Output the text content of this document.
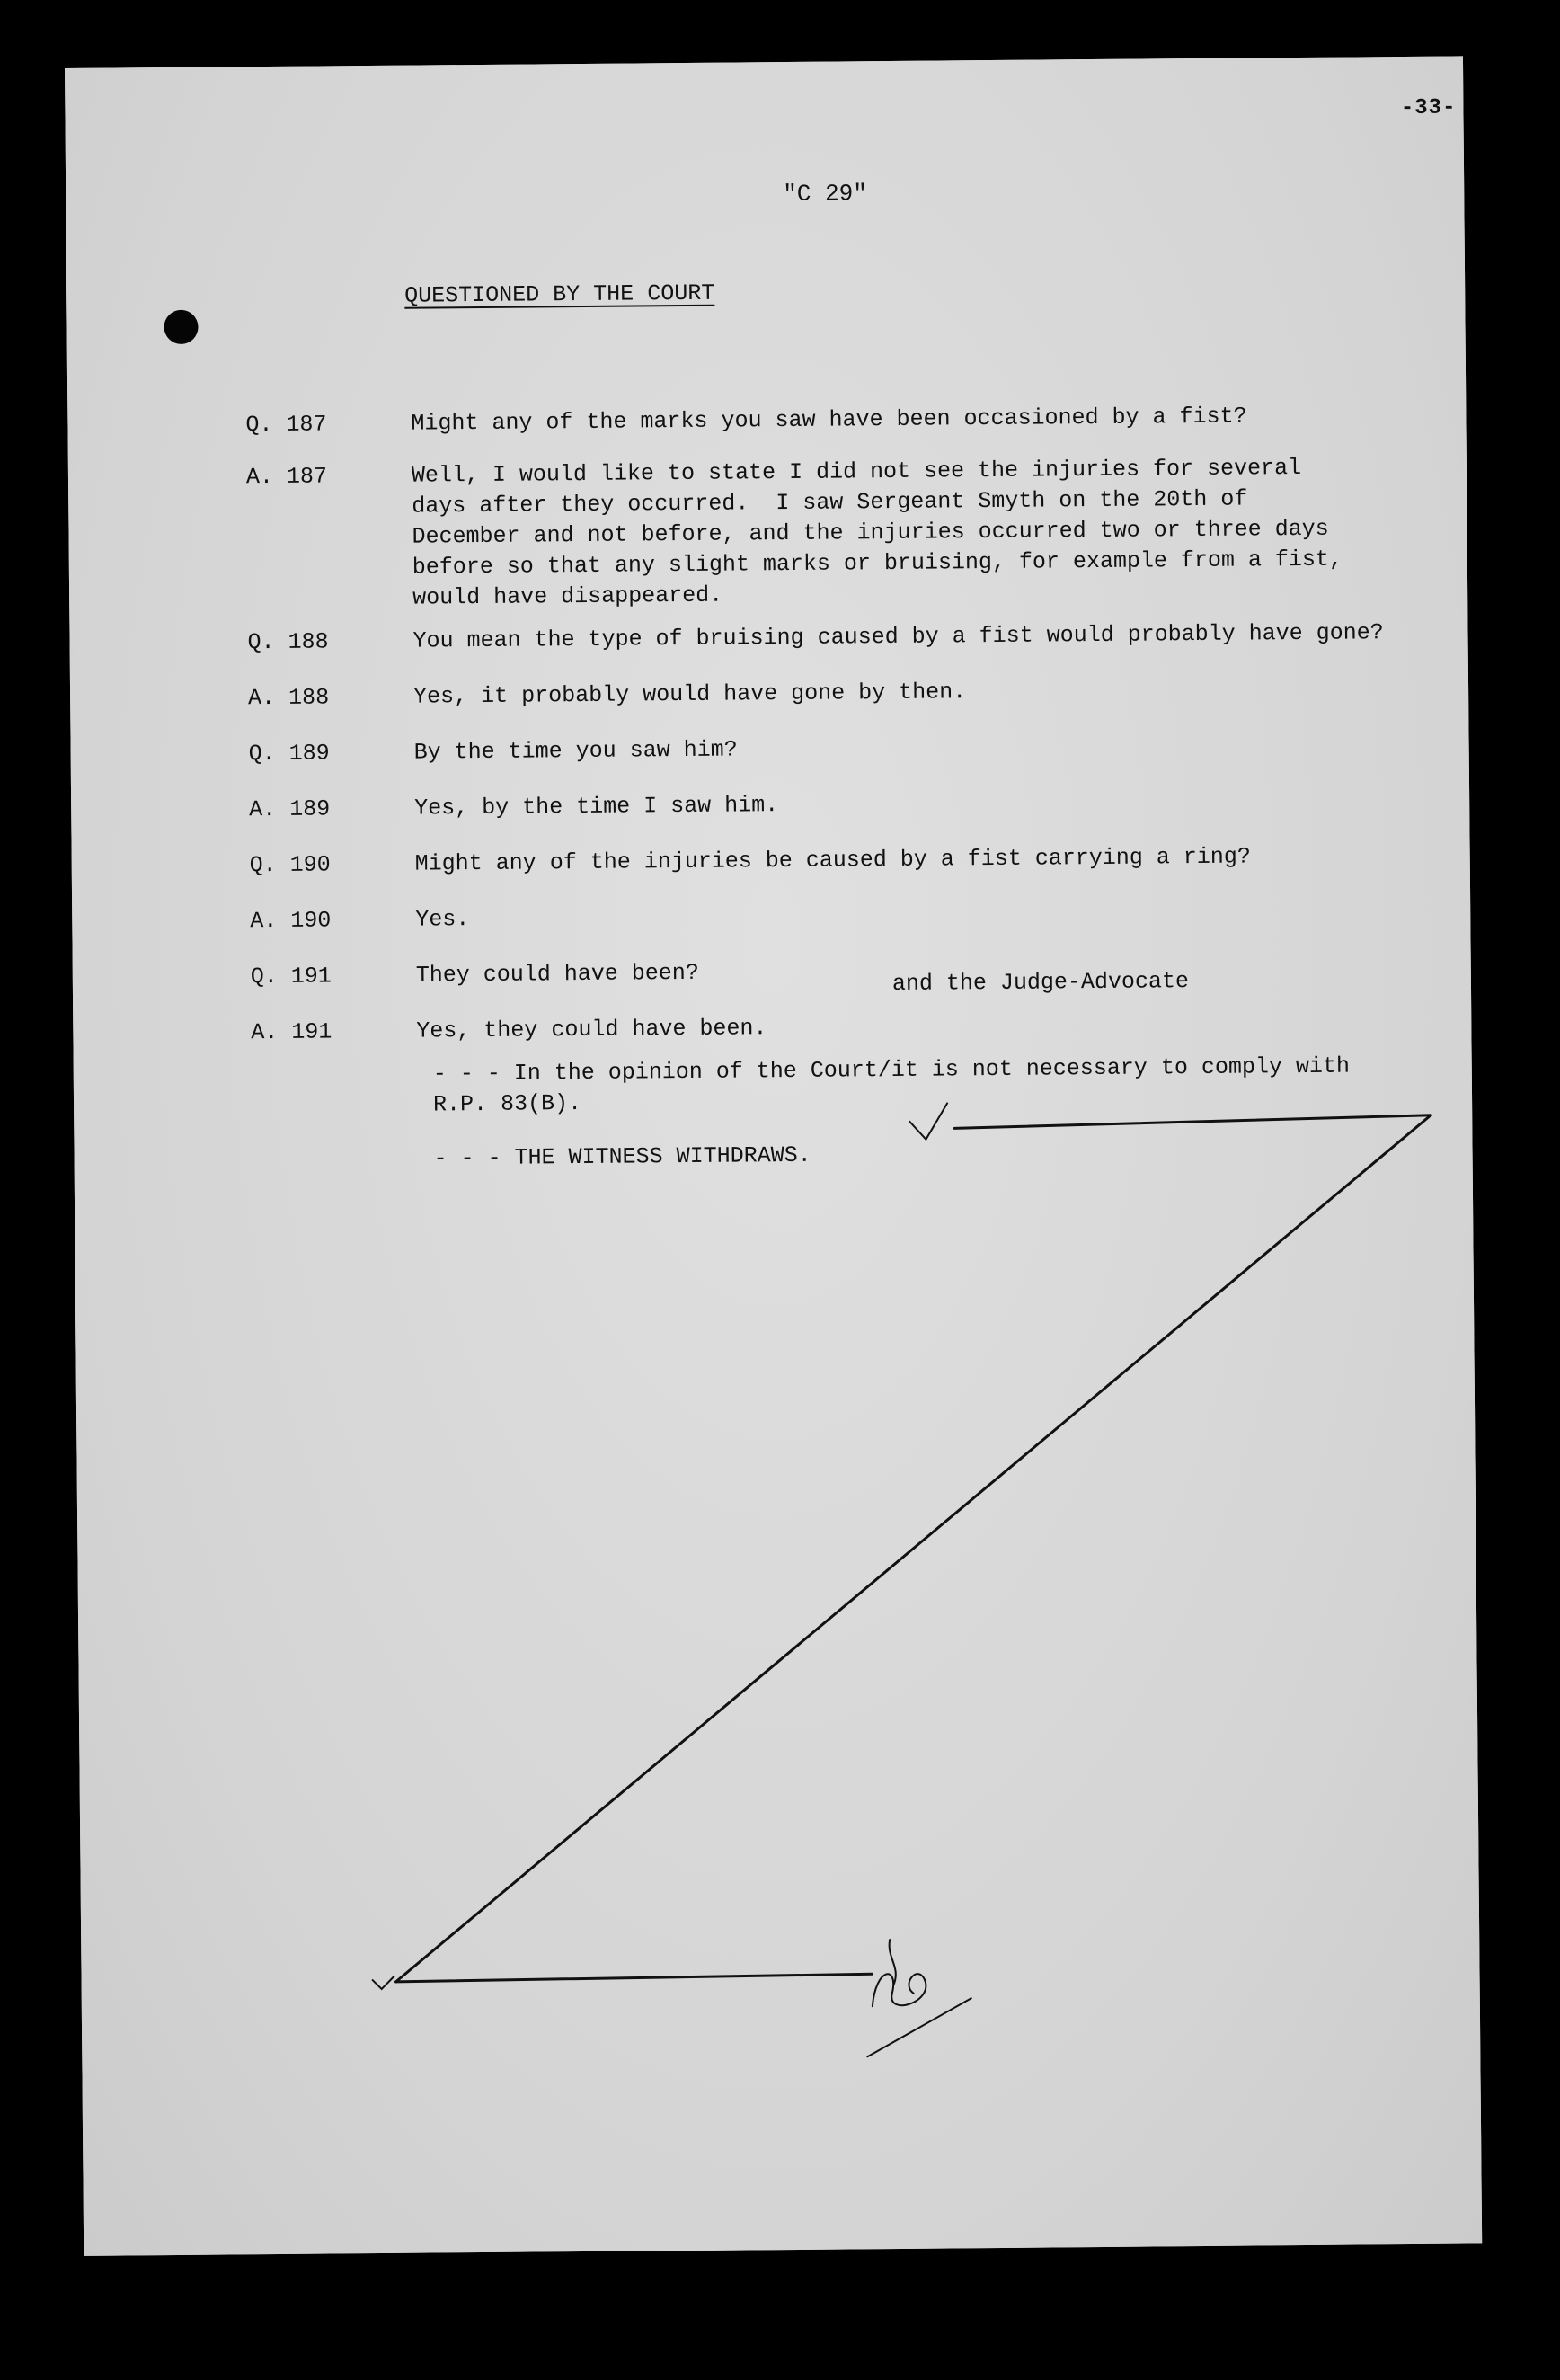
-33-
"C 29"
QUESTIONED BY THE COURT
Q. 187	Might any of the marks you saw have been occasioned by a fist?
A. 187	Well, I would like to state I did not see the injuries for several
days after they occurred.  I saw Sergeant Smyth on the 20th of
December and not before, and the injuries occurred two or three days
before so that any slight marks or bruising, for example from a fist,
would have disappeared.
Q. 188	You mean the type of bruising caused by a fist would probably have gone?
A. 188	Yes, it probably would have gone by then.
Q. 189	By the time you saw him?
A. 189	Yes, by the time I saw him.
Q. 190	Might any of the injuries be caused by a fist carrying a ring?
A. 190	Yes.
Q. 191	They could have been?
A. 191	Yes, they could have been.
and the Judge-Advocate
- - - In the opinion of the Court/it is not necessary to comply with
R.P. 83(B).
- - - THE WITNESS WITHDRAWS.
